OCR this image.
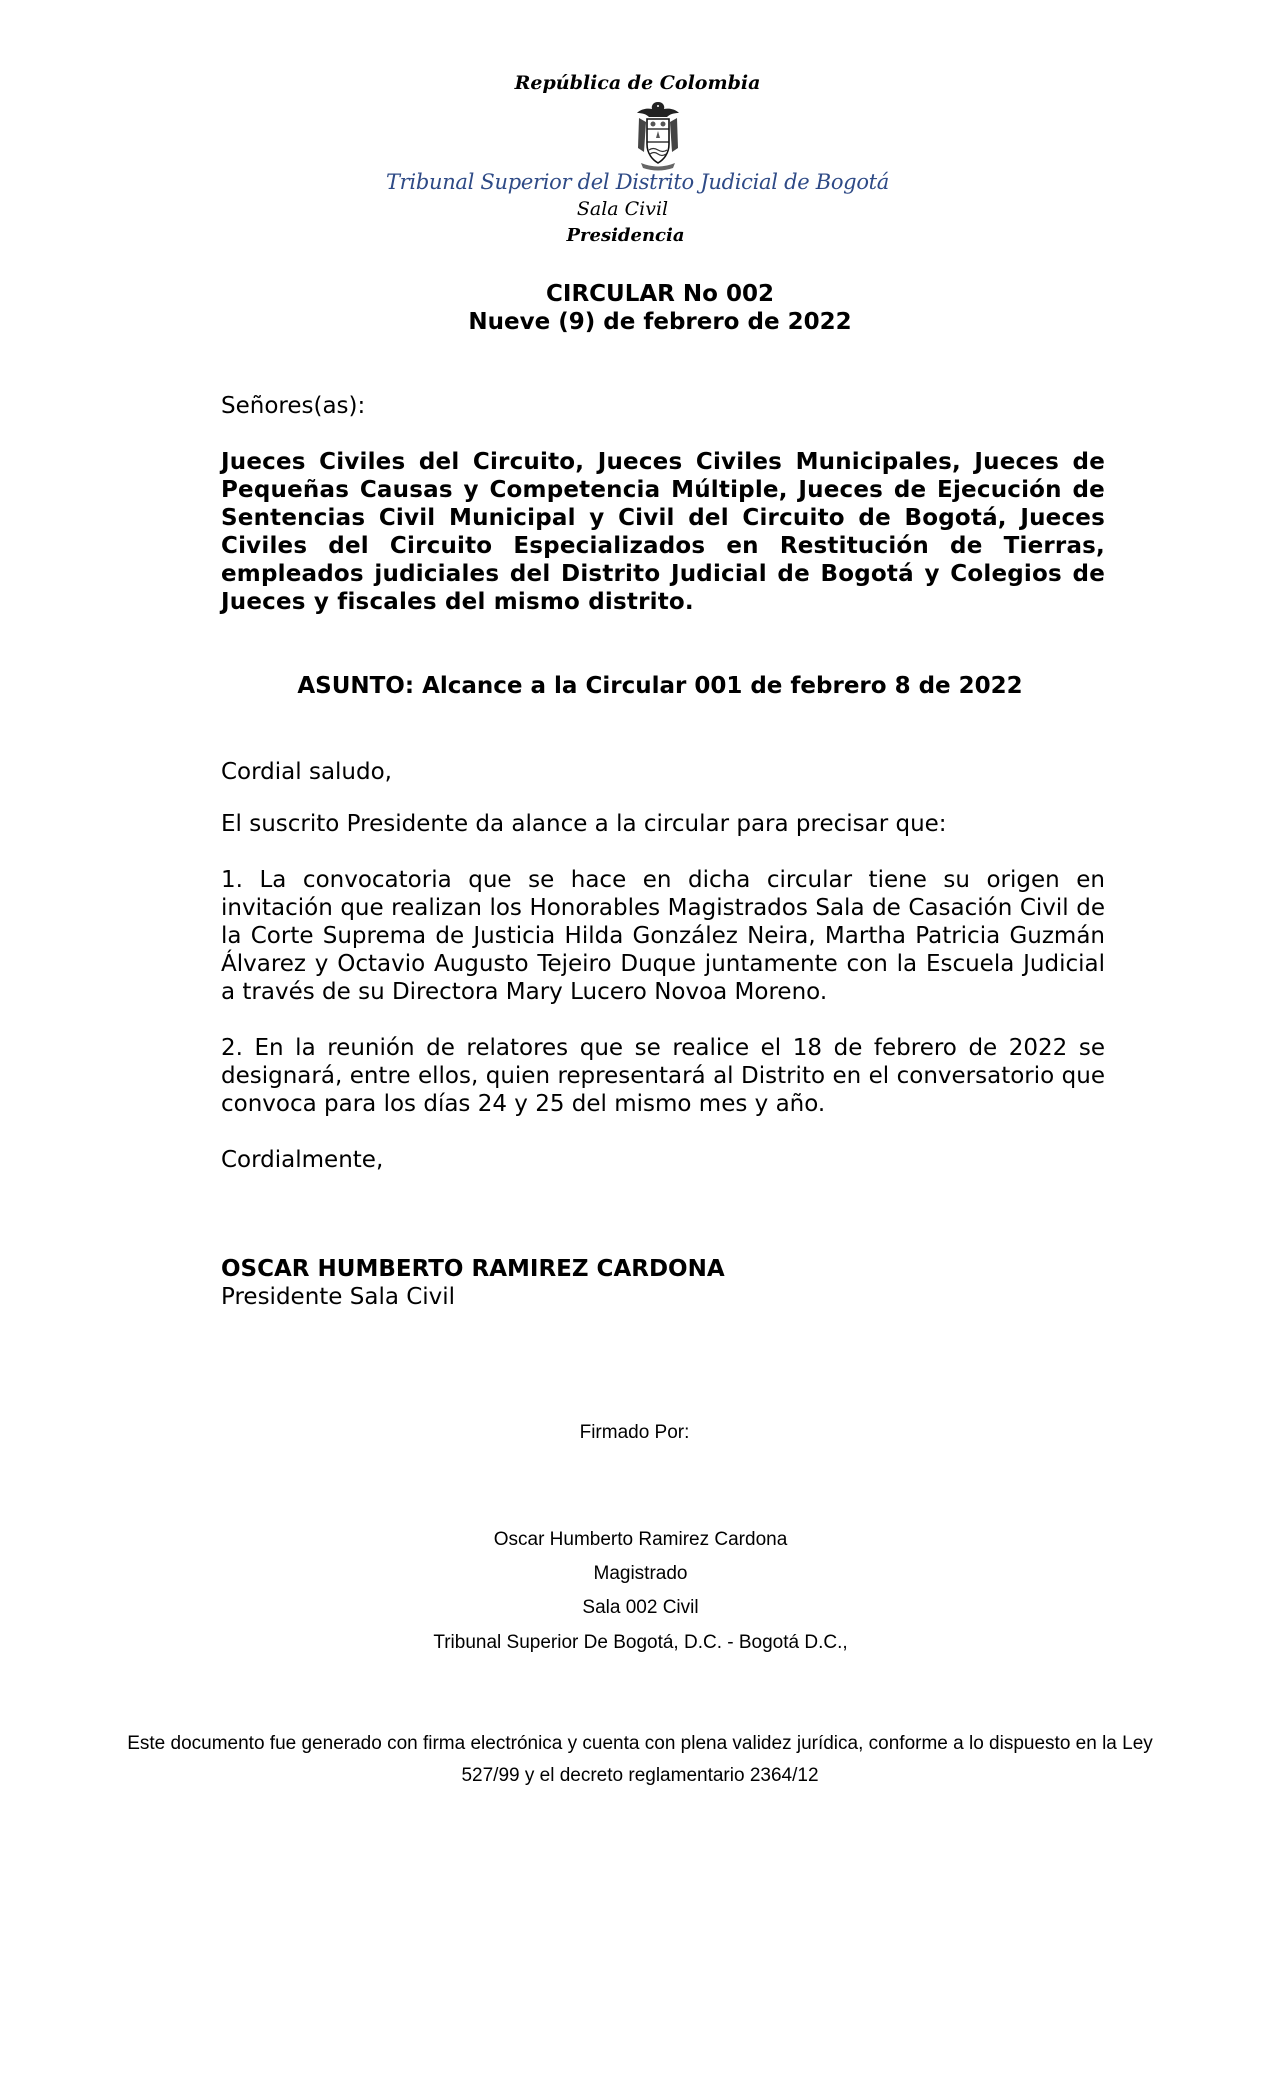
República de Colombia
Tribunal Superior del Distrito Judicial de Bogotá
Sala Civil
Presidencia
CIRCULAR No 002
Nueve (9) de febrero de 2022
Señores(as):
Jueces Civiles del Circuito, Jueces Civiles Municipales, Jueces de Pequeñas Causas y Competencia Múltiple, Jueces de Ejecución de Sentencias Civil Municipal y Civil del Circuito de Bogotá, Jueces Civiles del Circuito Especializados en Restitución de Tierras, empleados judiciales del Distrito Judicial de Bogotá y Colegios de Jueces y fiscales del mismo distrito.
ASUNTO: Alcance a la Circular 001 de febrero 8 de 2022
Cordial saludo,
El suscrito Presidente da alance a la circular para precisar que:
1. La convocatoria que se hace en dicha circular tiene su origen en invitación que realizan los Honorables Magistrados Sala de Casación Civil de la Corte Suprema de Justicia Hilda González Neira, Martha Patricia Guzmán Álvarez y Octavio Augusto Tejeiro Duque juntamente con la Escuela Judicial a través de su Directora Mary Lucero Novoa Moreno.
2. En la reunión de relatores que se realice el 18 de febrero de 2022 se designará, entre ellos, quien representará al Distrito en el conversatorio que convoca para los días 24 y 25 del mismo mes y año.
Cordialmente,
OSCAR HUMBERTO RAMIREZ CARDONA
Presidente Sala Civil
Firmado Por:
Oscar Humberto Ramirez Cardona
Magistrado
Sala 002 Civil
Tribunal Superior De Bogotá, D.C. - Bogotá D.C.,
Este documento fue generado con firma electrónica y cuenta con plena validez jurídica, conforme a lo dispuesto en la Ley
527/99 y el decreto reglamentario 2364/12
